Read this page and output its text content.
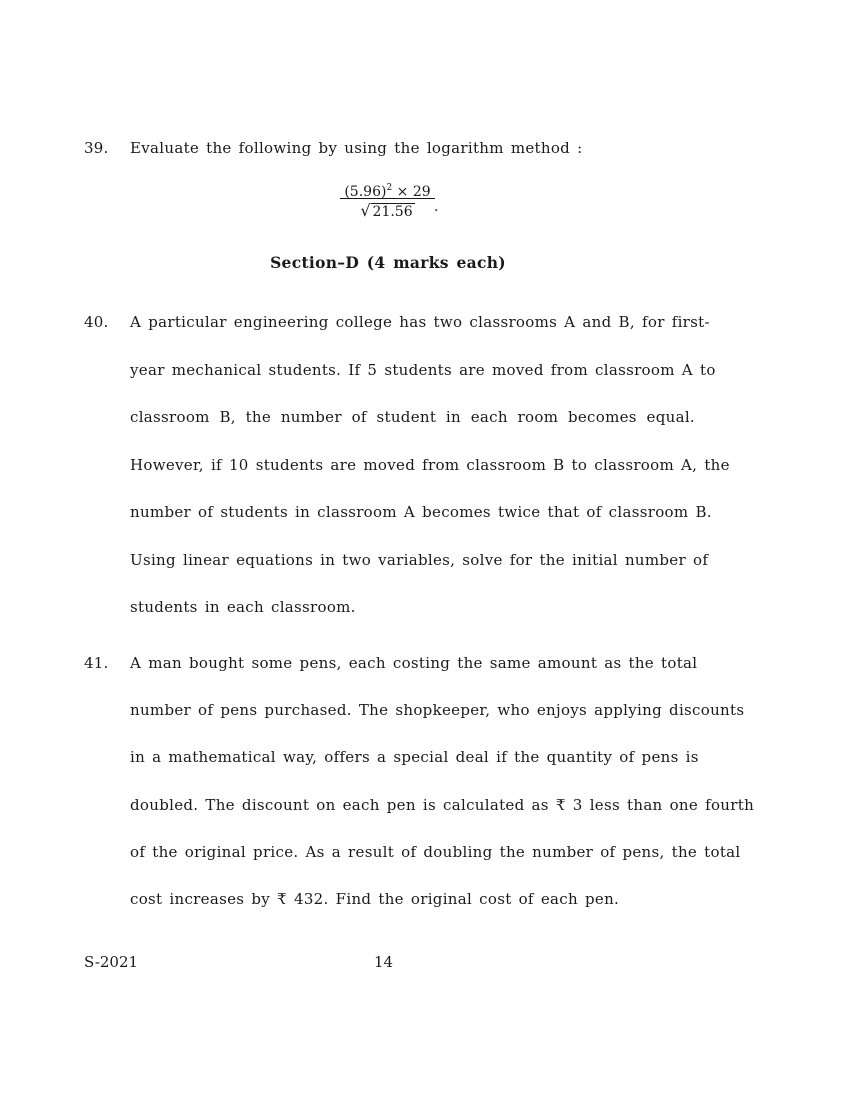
39. Evaluate the following by using the logarithm method :
$\frac{(5.96)^2 \times 29}{√ 21.56}$ .
Section–D (4 marks each)
40. A particular engineering college has two classrooms A and B, for first-
year mechanical students. If 5 students are moved from classroom A to
classroom B, the number of student in each room becomes equal.
However, if 10 students are moved from classroom B to classroom A, the
number of students in classroom A becomes twice that of classroom B.
Using linear equations in two variables, solve for the initial number of
students in each classroom.
41. A man bought some pens, each costing the same amount as the total
number of pens purchased. The shopkeeper, who enjoys applying discounts
in a mathematical way, offers a special deal if the quantity of pens is
doubled. The discount on each pen is calculated as ₹ 3 less than one fourth
of the original price. As a result of doubling the number of pens, the total
cost increases by ₹ 432. Find the original cost of each pen.
S-2021	14
